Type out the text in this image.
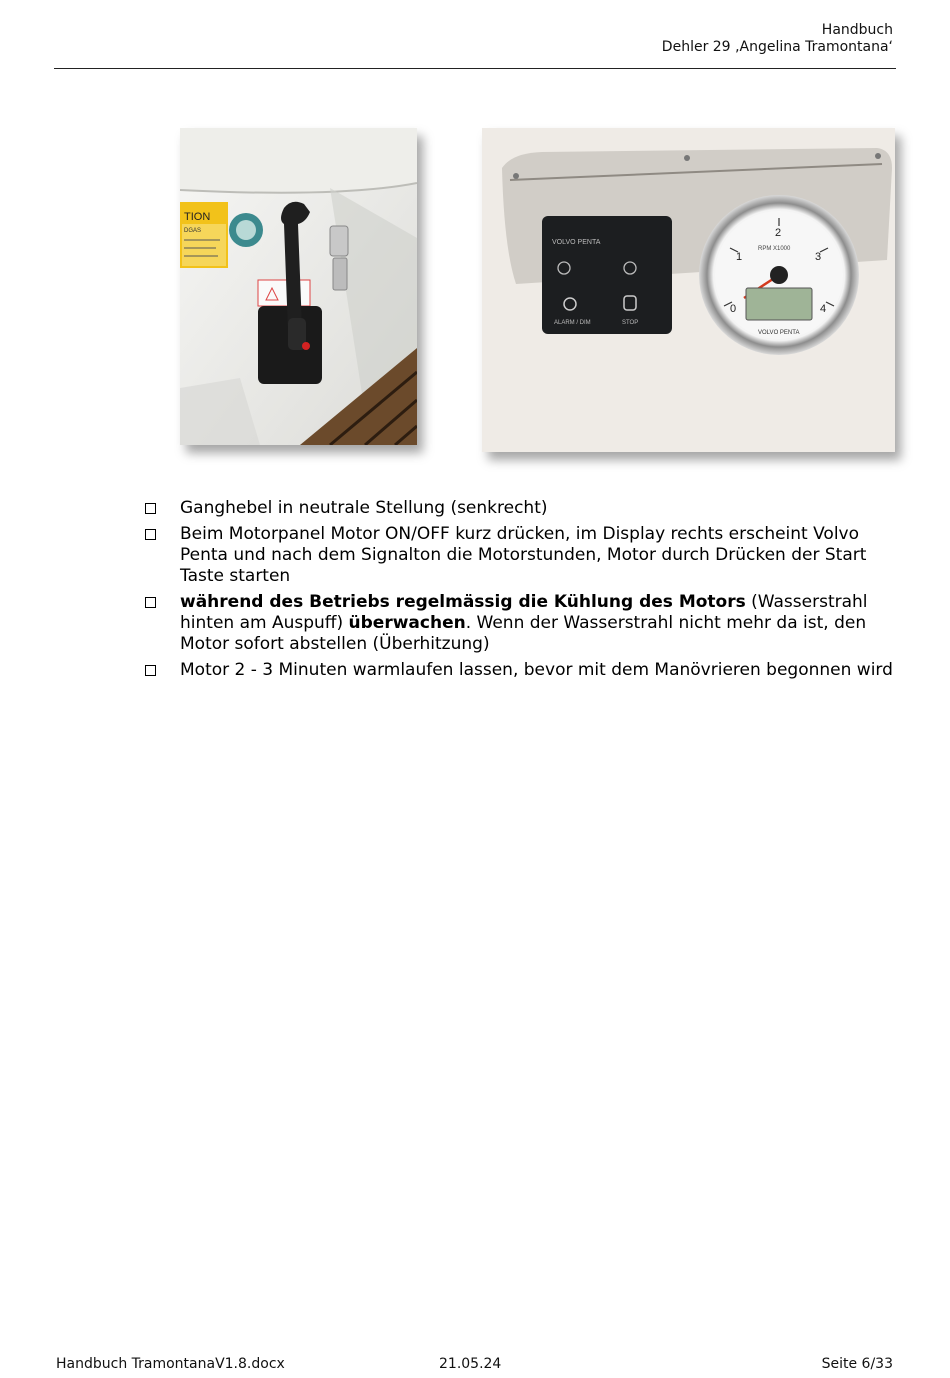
Handbuch
Dehler 29 ‚Angelina Tramontana‘
TION
DGAS
VOLVO PENTA
ALARM / DIM	STOP
0
1
2
3
4
RPM X1000
VOLVO PENTA
Ganghebel in neutrale Stellung (senkrecht)
Beim Motorpanel Motor ON/OFF kurz drücken, im Display rechts erscheint Volvo Penta und nach dem Signalton die Motorstunden, Motor durch Drücken der Start Taste starten
während des Betriebs regelmässig die Kühlung des Motors (Wasserstrahl hinten am Auspuff) überwachen. Wenn der Wasserstrahl nicht mehr da ist, den Motor sofort abstellen (Überhitzung)
Motor 2 - 3 Minuten warmlaufen lassen, bevor mit dem Manövrieren begonnen wird
Handbuch TramontanaV1.8.docx	21.05.24	Seite 6/33
